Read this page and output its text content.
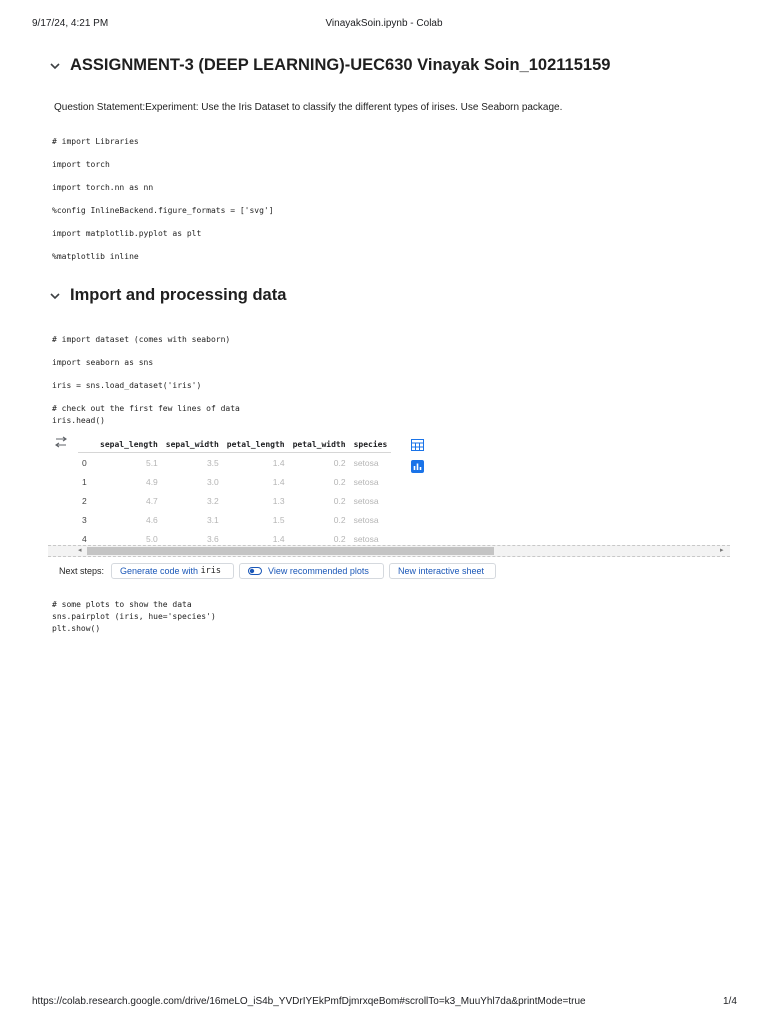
9/17/24, 4:21 PM	VinayakSoin.ipynb - Colab
ASSIGNMENT-3 (DEEP LEARNING)-UEC630 Vinayak Soin_102115159
Question Statement:Experiment: Use the Iris Dataset to classify the different types of irises. Use Seaborn package.
# import Libraries
import torch
import torch.nn as nn
%config InlineBackend.figure_formats = ['svg']
import matplotlib.pyplot as plt
%matplotlib inline
Import and processing data
# import dataset (comes with seaborn)
import seaborn as sns
iris = sns.load_dataset('iris')
# check out the first few lines of data
iris.head()
	sepal_length	sepal_width	petal_length	petal_width	species
0	5.1	3.5	1.4	0.2	setosa
1	4.9	3.0	1.4	0.2	setosa
2	4.7	3.2	1.3	0.2	setosa
3	4.6	3.1	1.5	0.2	setosa
4	5.0	3.6	1.4	0.2	setosa
◂	▸
Next steps: Generate code with
iris	View recommended plots	New interactive sheet
# some plots to show the data
sns.pairplot (iris, hue='species')
plt.show()
https://colab.research.google.com/drive/16meLO_iS4b_YVDrIYEkPmfDjmrxqeBom#scrollTo=k3_MuuYhl7da&printMode=true	1/4
